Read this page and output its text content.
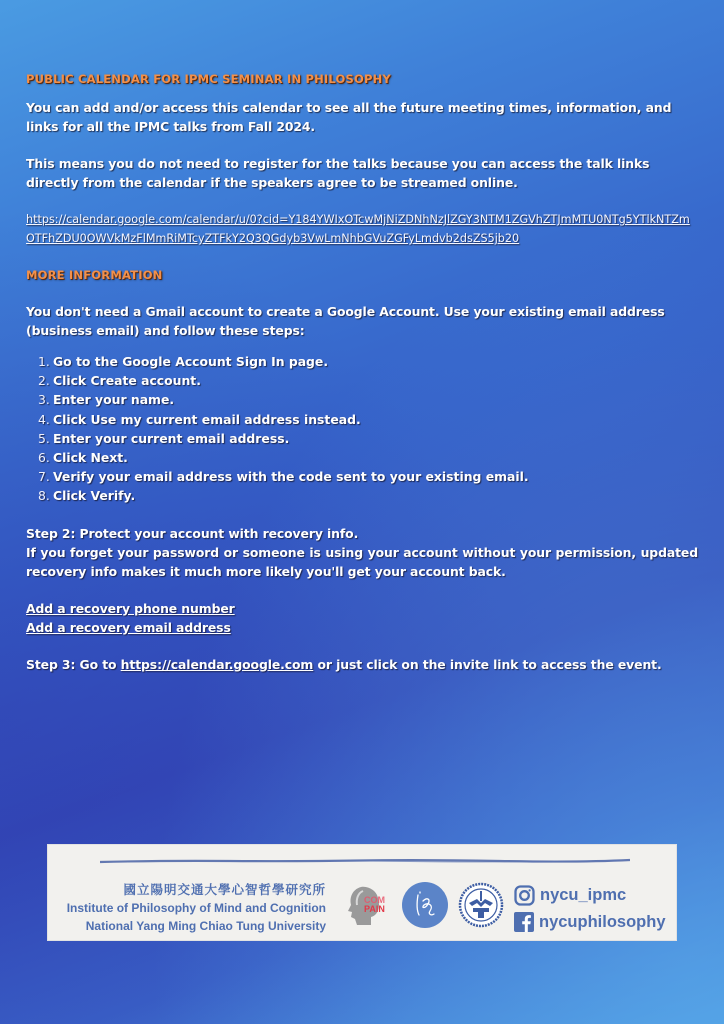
PUBLIC CALENDAR FOR IPMC SEMINAR IN PHILOSOPHY

You can add and/or access this calendar to see all the future meeting times, information, and links for all the IPMC talks from Fall 2024.

This means you do not need to register for the talks because you can access the talk links directly from the calendar if the speakers agree to be streamed online.

https://calendar.google.com/calendar/u/0?cid=Y184YWIxOTcwMjNiZDNhNzJlZGY3NTM1ZGVhZTJmMTU0NTg5YTlkNTZmOTFhZDU0OWVkMzFlMmRiMTcyZTFkY2Q3QGdyb3VwLmNhbGVuZGFyLmdvb2dsZS5jb20
MORE INFORMATION

You don't need a Gmail account to create a Google Account. Use your existing email address (business email) and follow these steps:

1. Go to the Google Account Sign In page.
2. Click Create account.
3. Enter your name.
4. Click Use my current email address instead.
5. Enter your current email address.
6. Click Next.
7. Verify your email address with the code sent to your existing email.
8. Click Verify.

Step 2: Protect your account with recovery info.

If you forget your password or someone is using your account without your permission, updated recovery info makes it much more likely you'll get your account back.

Add a recovery phone number

Add a recovery email address

Step 3: Go to https://calendar.google.com or just click on the invite link to access the event.

國立陽明交通大學心智哲學研究所
Institute of Philosophy of Mind and Cognition
National Yang Ming Chiao Tung University
COM
PAIN
nycu_ipmc
nycuphilosophy
